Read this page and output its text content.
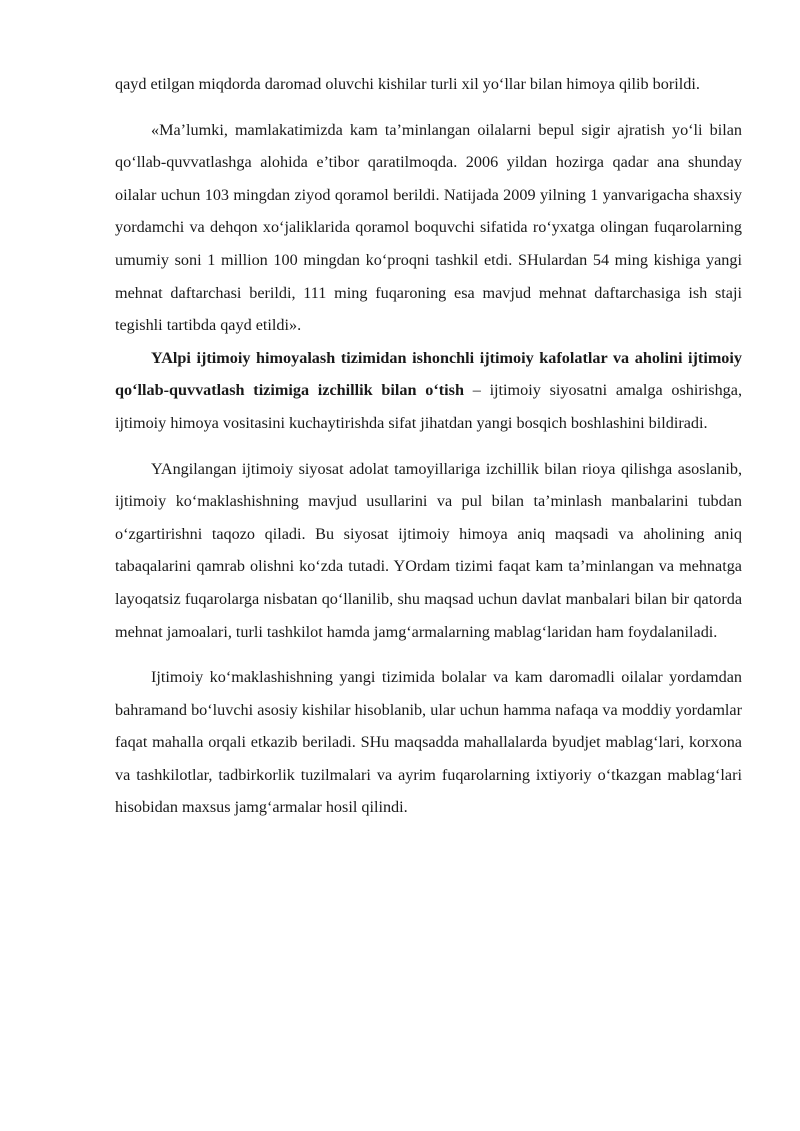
qayd etilgan miqdorda daromad oluvchi kishilar turli xil yo‘llar bilan himoya qilib borildi.

«Ma’lumki, mamlakatimizda kam ta’minlangan oilalarni bepul sigir ajratish yo‘li bilan qo‘llab-quvvatlashga alohida e’tibor qaratilmoqda. 2006 yildan hozirga qadar ana shunday oilalar uchun 103 mingdan ziyod qoramol berildi. Natijada 2009 yilning 1 yanvarigacha shaxsiy yordamchi va dehqon xo‘jaliklarida qoramol boquvchi sifatida ro‘yxatga olingan fuqarolarning umumiy soni 1 million 100 mingdan ko‘proqni tashkil etdi. SHulardan 54 ming kishiga yangi mehnat daftarchasi berildi, 111 ming fuqaroning esa mavjud mehnat daftarchasiga ish staji tegishli tartibda qayd etildi».

YAlpi ijtimoiy himoyalash tizimidan ishonchli ijtimoiy kafolatlar va aholini ijtimoiy qo‘llab-quvvatlash tizimiga izchillik bilan o‘tish – ijtimoiy siyosatni amalga oshirishga, ijtimoiy himoya vositasini kuchaytirishda sifat jihatdan yangi bosqich boshlashini bildiradi.

YAngilangan ijtimoiy siyosat adolat tamoyillariga izchillik bilan rioya qilishga asoslanib, ijtimoiy ko‘maklashishning mavjud usullarini va pul bilan ta’minlash manbalarini tubdan o‘zgartirishni taqozo qiladi. Bu siyosat ijtimoiy himoya aniq maqsadi va aholining aniq tabaqalarini qamrab olishni ko‘zda tutadi. YOrdam tizimi faqat kam ta’minlangan va mehnatga layoqatsiz fuqarolarga nisbatan qo‘llanilib, shu maqsad uchun davlat manbalari bilan bir qatorda mehnat jamoalari, turli tashkilot hamda jamg‘armalarning mablag‘laridan ham foydalaniladi.

Ijtimoiy ko‘maklashishning yangi tizimida bolalar va kam daromadli oilalar yordamdan bahramand bo‘luvchi asosiy kishilar hisoblanib, ular uchun hamma nafaqa va moddiy yordamlar faqat mahalla orqali etkazib beriladi. SHu maqsadda mahallalarda byudjet mablag‘lari, korxona va tashkilotlar, tadbirkorlik tuzilmalari va ayrim fuqarolarning ixtiyoriy o‘tkazgan mablag‘lari hisobidan maxsus jamg‘armalar hosil qilindi.
